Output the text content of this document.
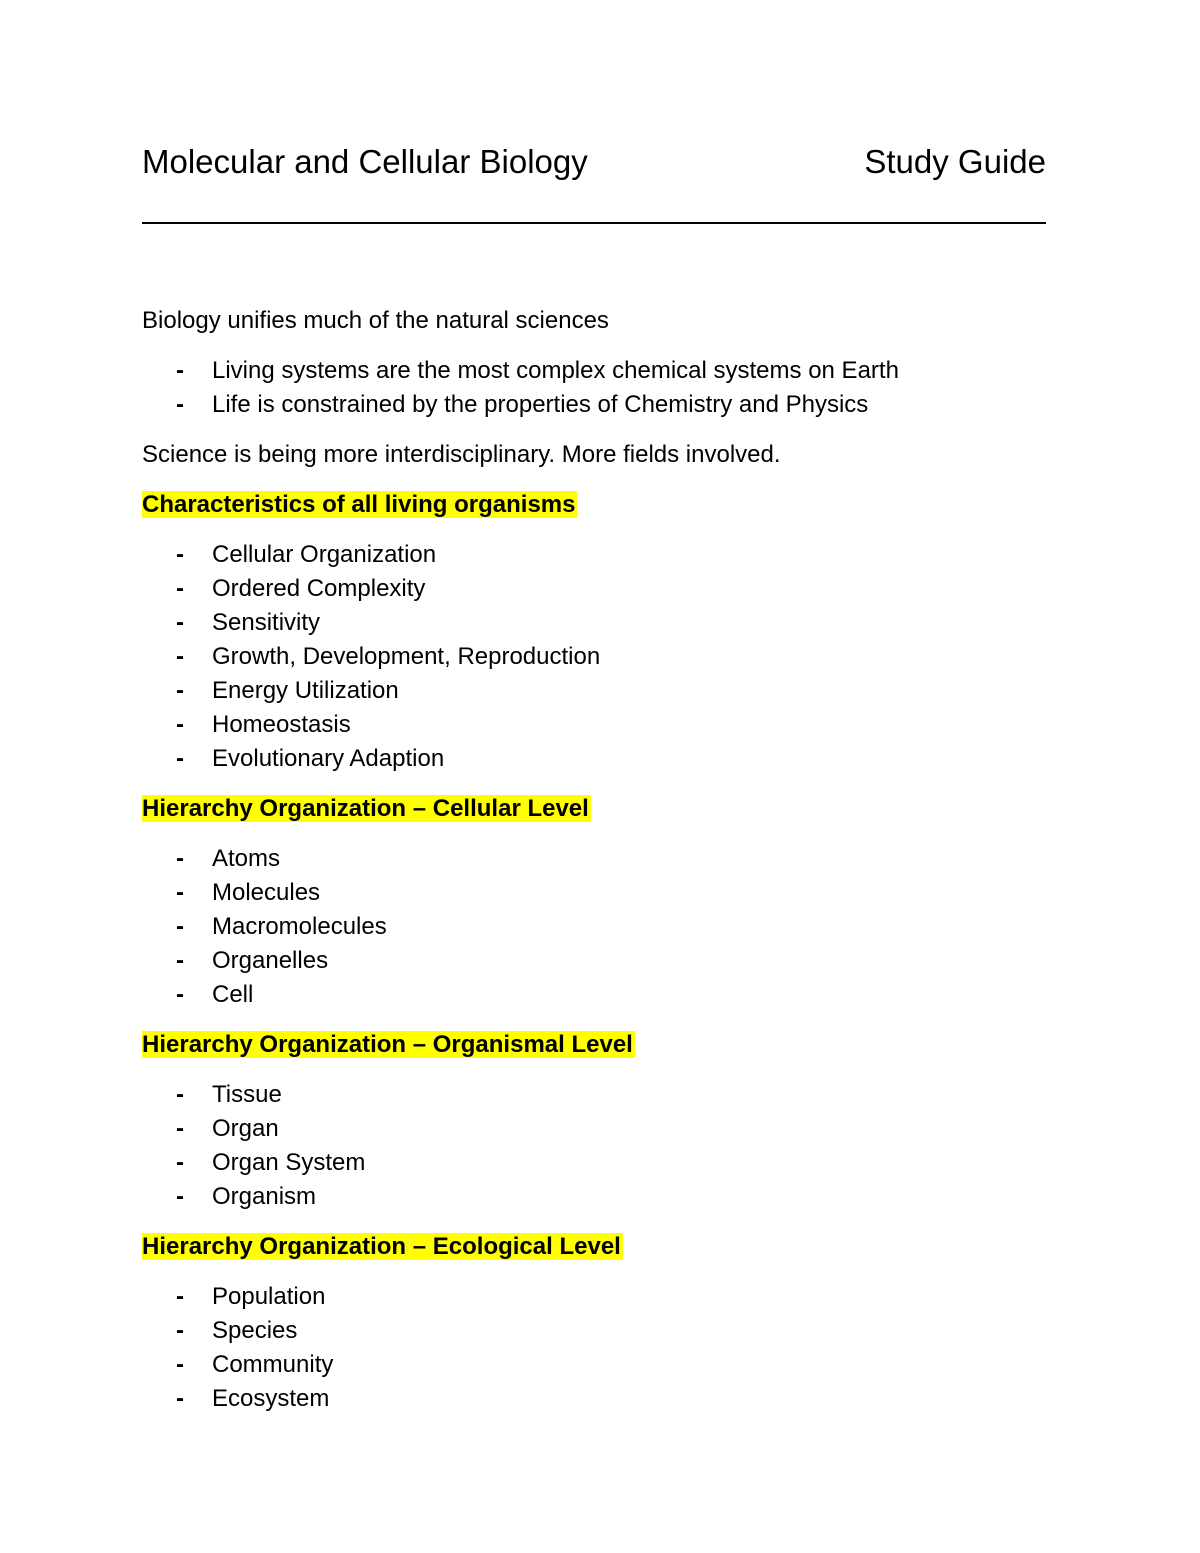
Molecular and Cellular Biology	Study Guide

Biology unifies much of the natural sciences

- Living systems are the most complex chemical systems on Earth
- Life is constrained by the properties of Chemistry and Physics

Science is being more interdisciplinary. More fields involved.

Characteristics of all living organisms

- Cellular Organization
- Ordered Complexity
- Sensitivity
- Growth, Development, Reproduction
- Energy Utilization
- Homeostasis
- Evolutionary Adaption

Hierarchy Organization – Cellular Level

- Atoms
- Molecules
- Macromolecules
- Organelles
- Cell

Hierarchy Organization – Organismal Level

- Tissue
- Organ
- Organ System
- Organism

Hierarchy Organization – Ecological Level

- Population
- Species
- Community
- Ecosystem
